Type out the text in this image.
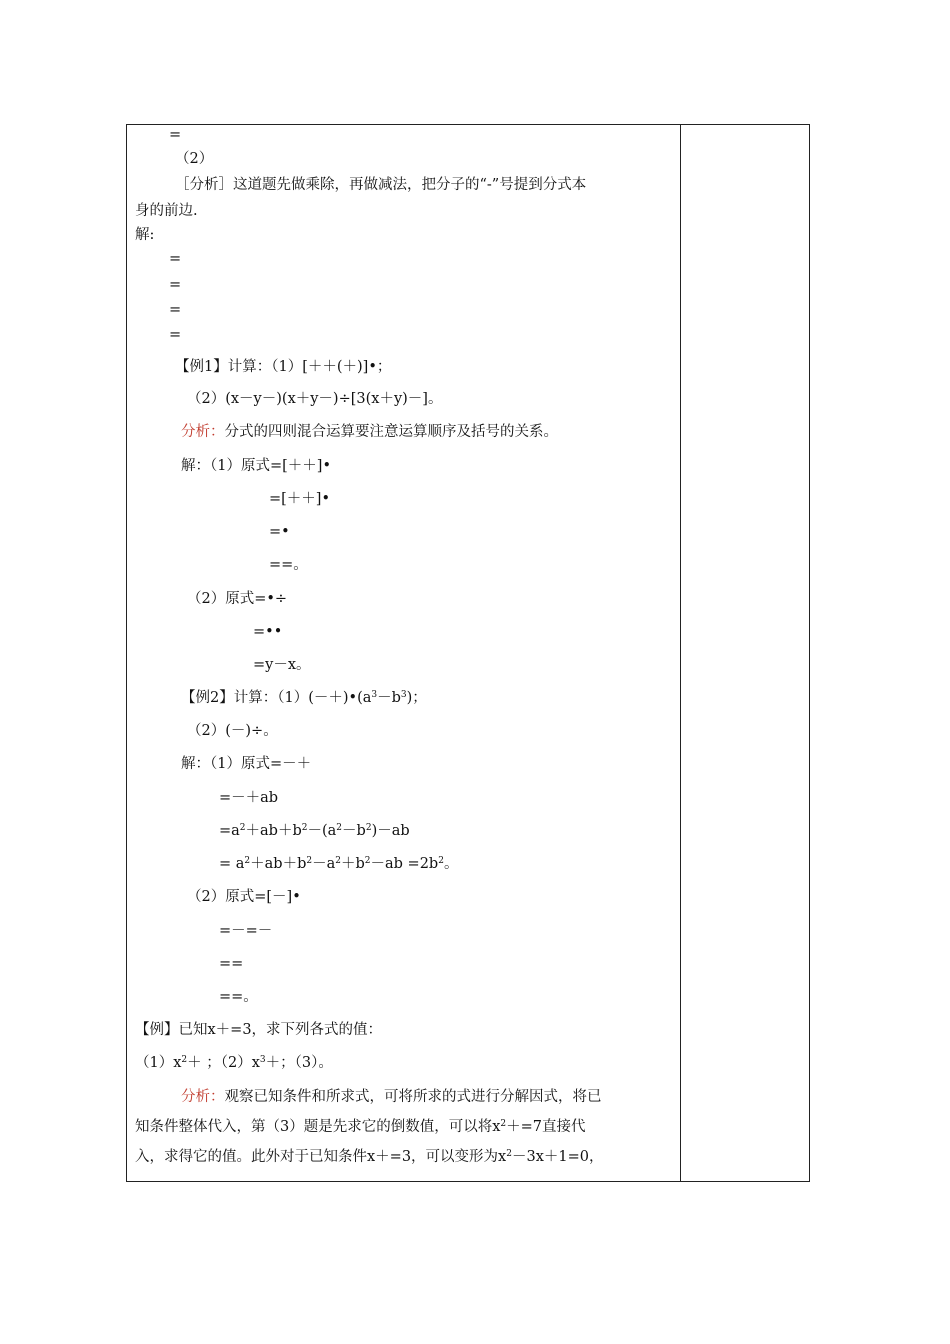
=
（2）
［分析］这道题先做乘除，再做减法，把分子的“-”号提到分式本
身的前边.
解:
=
=
=
=
【例1】计算：（1）[＋＋(＋)]•；
（2）(x－y－)(x＋y－)÷[3(x＋y)－]。
分析：分式的四则混合运算要注意运算顺序及括号的关系。
解：（1）原式=[＋＋]•
=[＋＋]•
=•
==。
（2）原式=•÷
=••
=y－x。
【例2】计算：$(1)(-+)•(a^3-b^3)$；
（2）(－)÷。
解：（1）原式=－＋
=－＋ab
$=a^2+ab+b^2-(a^2-b^2)-ab$
= $a^2+ab+b^2-a^2+b^2-ab =2b^2$。
（2）原式=[－]•
=－=－
==
==。
【例】已知x＋=3，求下列各式的值：
$(1)x^2+$ ；$(2)x^3+$；（3）。
分析：观察已知条件和所求式，可将所求的式进行分解因式，将已
知条件整体代入，第（3）题是先求它的倒数值，可以将$x^2+=7$直接代
入，求得它的值。此外对于已知条件x＋=3，可以变形为$x^2-3x+1=0$，
